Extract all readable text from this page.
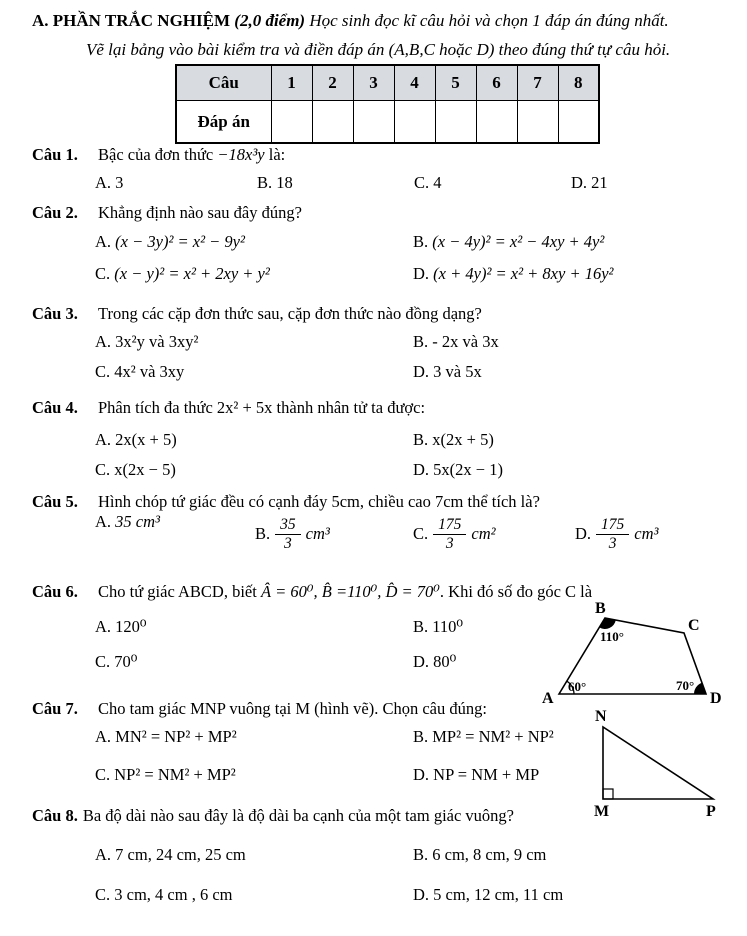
A. PHẦN TRẮC NGHIỆM (2,0 điểm) Học sinh đọc kĩ câu hỏi và chọn 1 đáp án đúng nhất.
Vẽ lại bảng vào bài kiểm tra và điền đáp án (A,B,C hoặc D) theo đúng thứ tự câu hỏi.
Câu	1	2	3	4	5	6	7	8
Đáp án								
Câu 1. Bậc của đơn thức −18x³y là:
A. 3	B. 18	C. 4	D. 21
Câu 2. Khẳng định nào sau đây đúng?
A. (x − 3y)² = x² − 9y²	B. (x − 4y)² = x² − 4xy + 4y²
C. (x − y)² = x² + 2xy + y²	D. (x + 4y)² = x² + 8xy + 16y²
Câu 3. Trong các cặp đơn thức sau, cặp đơn thức nào đồng dạng?
A. 3x²y và 3xy²	B. - 2x và 3x
C. 4x² và 3xy	D. 3 và 5x
Câu 4. Phân tích đa thức 2x² + 5x thành nhân tử ta được:
A. 2x(x + 5)	B. x(2x + 5)
C. x(2x − 5)	D. 5x(2x − 1)
Câu 5. Hình chóp tứ giác đều có cạnh đáy 5cm, chiều cao 7cm thể tích là?
A. 35 cm³
B. $\frac{35}{3} cm^3$	C. $\frac{175}{3} cm^2$	D. $\frac{175}{3} cm^3$
Câu 6. Cho tứ giác ABCD, biết Â = 60⁰, B̂ =110⁰, D̂ = 70⁰. Khi đó số đo góc C là
A. 120⁰	B. 110⁰
C. 70⁰	D. 80⁰
B
C
A	D
110°
60°	70°
Câu 7. Cho tam giác MNP vuông tại M (hình vẽ). Chọn câu đúng:
A. MN² = NP² + MP²	B. MP² = NM² + NP²
C. NP² = NM² + MP²	D. NP = NM + MP
N
M	P
Câu 8. Ba độ dài nào sau đây là độ dài ba cạnh của một tam giác vuông?
A. 7 cm, 24 cm, 25 cm	B. 6 cm, 8 cm, 9 cm
C. 3 cm, 4 cm , 6 cm	D. 5 cm, 12 cm, 11 cm
